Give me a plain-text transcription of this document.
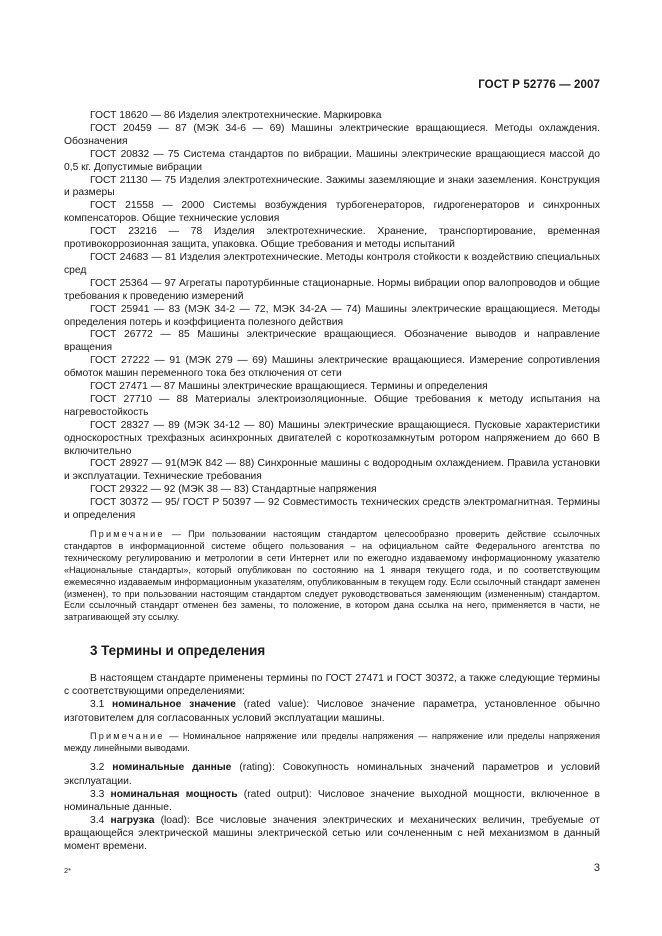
ГОСТ Р 52776 — 2007

ГОСТ 18620 — 86 Изделия электротехнические. Маркировка

ГОСТ 20459 — 87 (МЭК 34-6 — 69) Машины электрические вращающиеся. Методы охлаждения. Обозначения

ГОСТ 20832 — 75 Система стандартов по вибрации. Машины электрические вращающиеся массой до 0,5 кг. Допустимые вибрации

ГОСТ 21130 — 75 Изделия электротехнические. Зажимы заземляющие и знаки заземления. Конструкция и размеры

ГОСТ 21558 — 2000 Системы возбуждения турбогенераторов, гидрогенераторов и синхронных компенсаторов. Общие технические условия

ГОСТ 23216 — 78 Изделия электротехнические. Хранение, транспортирование, временная противокоррозионная защита, упаковка. Общие требования и методы испытаний

ГОСТ 24683 — 81 Изделия электротехнические. Методы контроля стойкости к воздействию специальных сред

ГОСТ 25364 — 97 Агрегаты паротурбинные стационарные. Нормы вибрации опор валопроводов и общие требования к проведению измерений

ГОСТ 25941 — 83 (МЭК 34-2 — 72, МЭК 34-2А — 74) Машины электрические вращающиеся. Методы определения потерь и коэффициента полезного действия

ГОСТ 26772 — 85 Машины электрические вращающиеся. Обозначение выводов и направление вращения

ГОСТ 27222 — 91 (МЭК 279 — 69) Машины электрические вращающиеся. Измерение сопротивления обмоток машин переменного тока без отключения от сети

ГОСТ 27471 — 87 Машины электрические вращающиеся. Термины и определения

ГОСТ 27710 — 88 Материалы электроизоляционные. Общие требования к методу испытания на нагревостойкость

ГОСТ 28327 — 89 (МЭК 34-12 — 80) Машины электрические вращающиеся. Пусковые характеристики односкоростных трехфазных асинхронных двигателей с короткозамкнутым ротором напряжением до 660 В включительно

ГОСТ 28927 — 91(МЭК 842 — 88) Синхронные машины с водородным охлаждением. Правила установки и эксплуатации. Технические требования

ГОСТ 29322 — 92 (МЭК 38 — 83) Стандартные напряжения

ГОСТ 30372 — 95/ ГОСТ Р 50397 — 92 Совместимость технических средств электромагнитная. Термины и определения

Примечание — При пользовании настоящим стандартом целесообразно проверить действие ссылочных стандартов в информационной системе общего пользования – на официальном сайте Федерального агентства по техническому регулированию и метрологии в сети Интернет или по ежегодно издаваемому информационному указателю «Национальные стандарты», который опубликован по состоянию на 1 января текущего года, и по соответствующим ежемесячно издаваемым информационным указателям, опубликованным в текущем году. Если ссылочный стандарт заменен (изменен), то при пользовании настоящим стандартом следует руководствоваться заменяющим (измененным) стандартом. Если ссылочный стандарт отменен без замены, то положение, в котором дана ссылка на него, применяется в части, не затрагивающей эту ссылку.

3 Термины и определения

В настоящем стандарте применены термины по ГОСТ 27471 и ГОСТ 30372, а также следующие термины с соответствующими определениями:

3.1 номинальное значение (rated value): Числовое значение параметра, установленное обычно изготовителем для согласованных условий эксплуатации машины.

Примечание — Номинальное напряжение или пределы напряжения — напряжение или пределы напряжения между линейными выводами.

3.2 номинальные данные (rating): Совокупность номинальных значений параметров и условий эксплуатации.

3.3 номинальная мощность (rated output): Числовое значение выходной мощности, включенное в номинальные данные.

3.4 нагрузка (load): Все числовые значения электрических и механических величин, требуемые от вращающейся электрической машины электрической сетью или сочлененным с ней механизмом в данный момент времени.

2*	3
